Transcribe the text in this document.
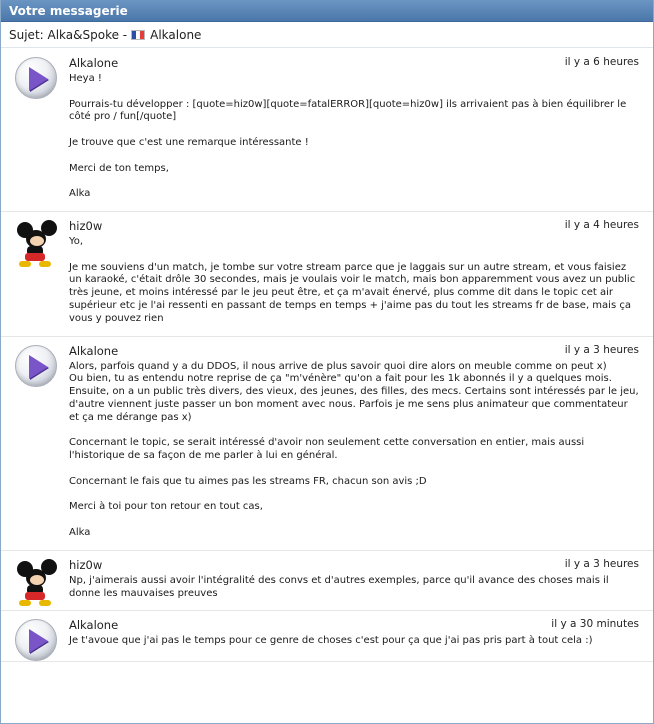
Votre messagerie
Sujet:
Alka&Spoke - Alkalone
Alkalone	il y a 6 heures

Heya !

Pourrais-tu développer : [quote=hiz0w][quote=fatalERROR][quote=hiz0w] ils arrivaient pas à bien équilibrer le côté pro / fun[/quote]

Je trouve que c'est une remarque intéressante !

Merci de ton temps,

Alka

hiz0w	il y a 4 heures

Yo,

Je me souviens d'un match, je tombe sur votre stream parce que je laggais sur un autre stream, et vous faisiez un karaoké, c'était drôle 30 secondes, mais je voulais voir le match, mais bon apparemment vous avez un public très jeune, et moins intéressé par le jeu peut être, et ça m'avait énervé, plus comme dit dans le topic cet air supérieur etc je l'ai ressenti en passant de temps en temps + j'aime pas du tout les streams fr de base, mais ça vous y pouvez rien

Alkalone	il y a 3 heures

Alors, parfois quand y a du DDOS, il nous arrive de plus savoir quoi dire alors on meuble comme on peut x)
Ou bien, tu as entendu notre reprise de ça "m'vénère" qu'on a fait pour les 1k abonnés il y a quelques mois.
Ensuite, on a un public très divers, des vieux, des jeunes, des filles, des mecs. Certains sont intéressés par le jeu, d'autre viennent juste passer un bon moment avec nous. Parfois je me sens plus animateur que commentateur et ça me dérange pas x)

Concernant le topic, se serait intéressé d'avoir non seulement cette conversation en entier, mais aussi l'historique de sa façon de me parler à lui en général.

Concernant le fais que tu aimes pas les streams FR, chacun son avis ;D

Merci à toi pour ton retour en tout cas,

Alka

hiz0w	il y a 3 heures

Np, j'aimerais aussi avoir l'intégralité des convs et d'autres exemples, parce qu'il avance des choses mais il donne les mauvaises preuves

Alkalone	il y a 30 minutes

Je t'avoue que j'ai pas le temps pour ce genre de choses c'est pour ça que j'ai pas pris part à tout cela :)
